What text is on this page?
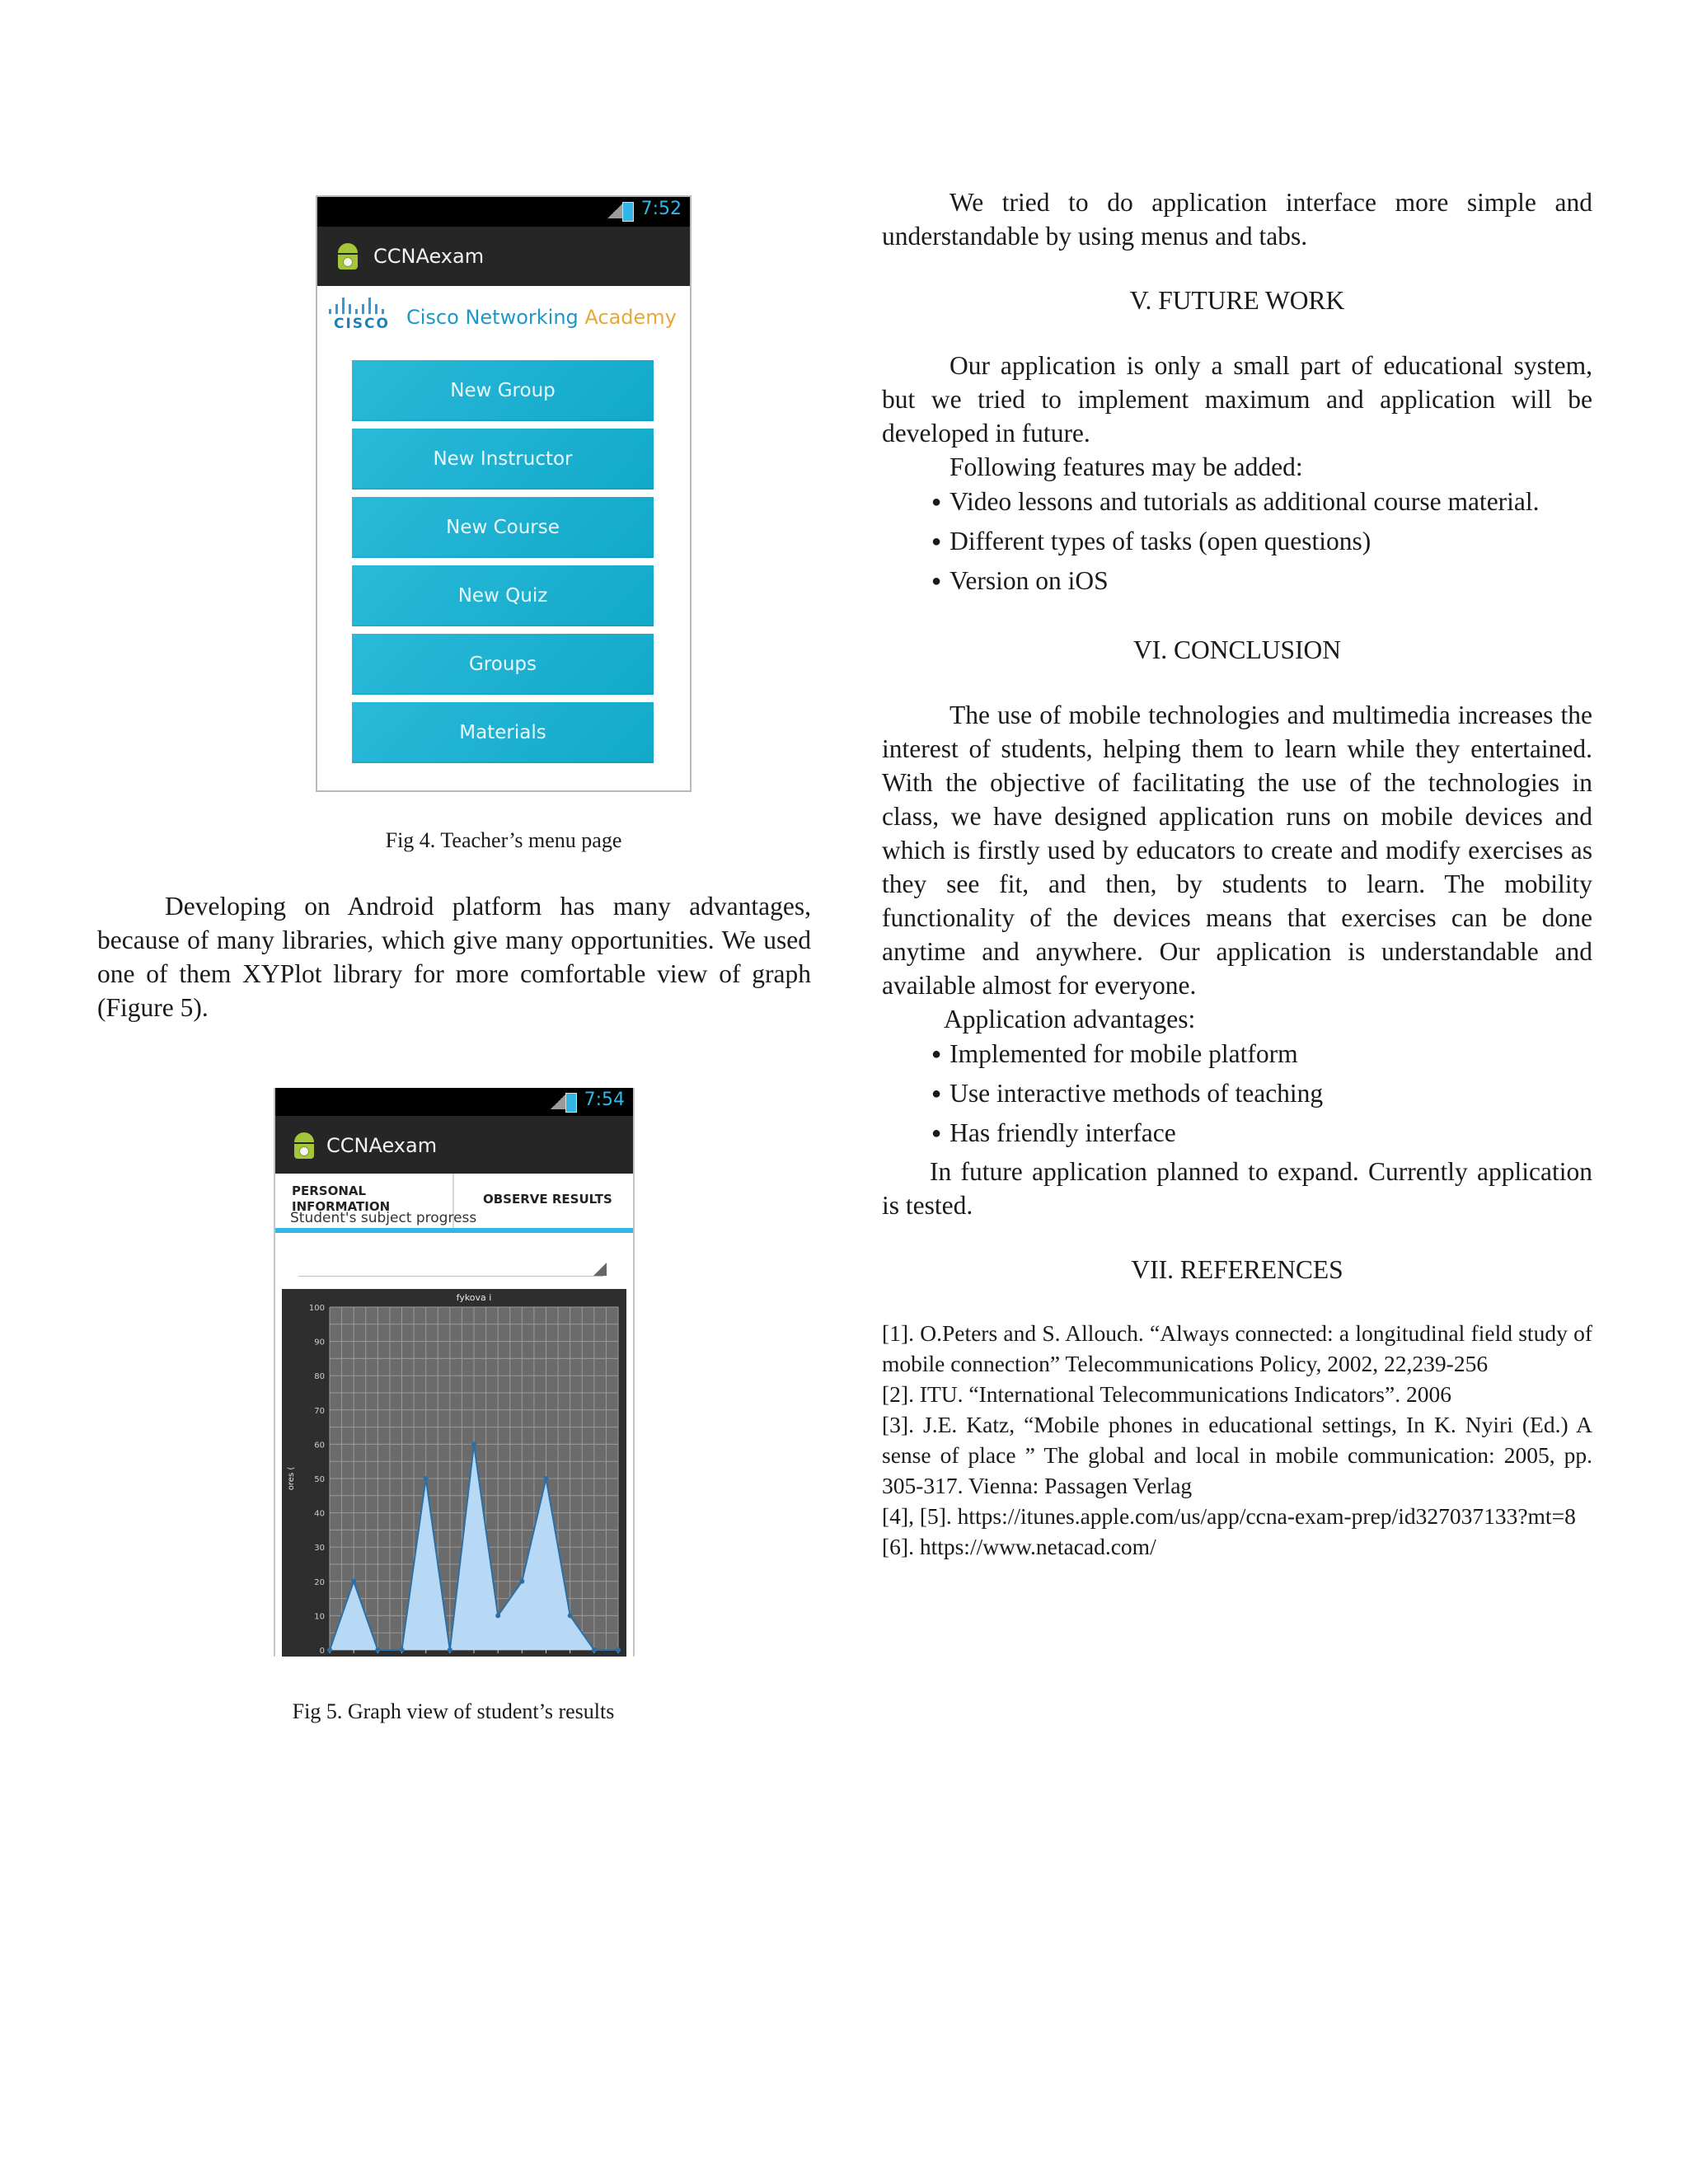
7:52
CCNAexam
CISCO Cisco Networking Academy
New Group
New Instructor
New Course
New Quiz
Groups
Materials
Fig 4. Teacher’s menu page

Developing on Android platform has many advantages, because of many libraries, which give many opportunities. We used one of them XYPlot library for more comfortable view of graph (Figure 5).

7:54
CCNAexam
PERSONAL
INFORMATION	OBSERVE RESULTS
Student's subject progress
0
10
20
30
40
50
60
70
80
90
100
fykova i
ores (
Fig 5. Graph view of student’s results

We tried to do application interface more simple and understandable by using menus and tabs.

V. FUTURE WORK

Our application is only a small part of educational system, but we tried to implement maximum and application will be developed in future.

Following features may be added:

● Video lessons and tutorials as additional course material.

● Different types of tasks (open questions)

● Version on iOS

VI. CONCLUSION

The use of mobile technologies and multimedia increases the interest of students, helping them to learn while they entertained. With the objective of facilitating the use of the technologies in class, we have designed application runs on mobile devices and which is firstly used by educators to create and modify exercises as they see fit, and then, by students to learn. The mobility functionality of the devices means that exercises can be done anytime and anywhere. Our application is understandable and available almost for everyone.

Application advantages:

● Implemented for mobile platform

● Use interactive methods of teaching

● Has friendly interface

In future application planned to expand. Currently application is tested.

VII. REFERENCES

[1]. O.Peters and S. Allouch. “Always connected: a longitudinal field study of mobile connection” Telecommunications Policy, 2002, 22,239-256

[2]. ITU. “International Telecommunications Indicators”. 2006

[3]. J.E. Katz, “Mobile phones in educational settings, In K. Nyiri (Ed.) A sense of place ” The global and local in mobile communication: 2005, pp. 305-317. Vienna: Passagen Verlag

[4], [5]. https://itunes.apple.com/us/app/ccna-exam-prep/id327037133?mt=8

[6]. https://www.netacad.com/
